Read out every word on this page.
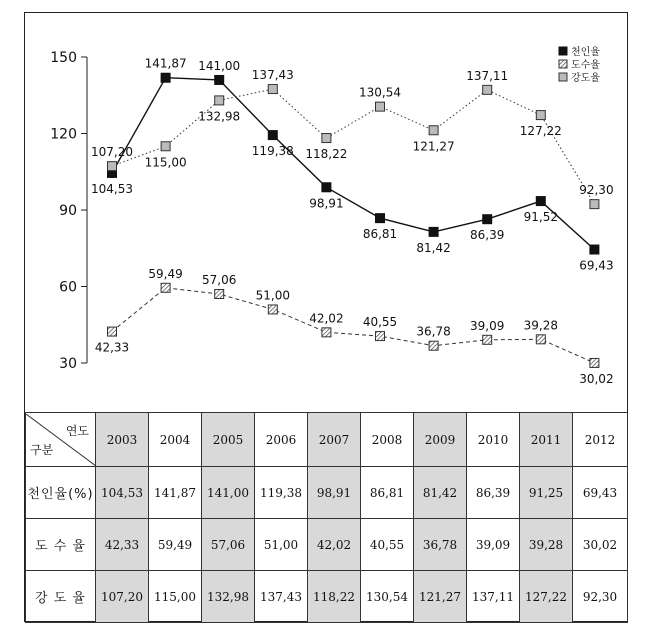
150
120
90
60
30
104,53
141,87 141,00
119,38
98,91
86,81
81,42
86,39
91,52
69,43
42,33
59,49 57,06
51,00
42,02 40,55
36,78 39,09 39,28
30,02
107,20
115,00
132,98
137,43
118,22
130,54
121,27
137,11
127,22
92,30
천인율
도수율
강도율
연도
구분	2003	2004	2005	2006	2007	2008	2009	2010	2011	2012
천인율(%)	104,53	141,87	141,00	119,38	98,91	86,81	81,42	86,39	91,25	69,43
도 수 율	42,33	59,49	57,06	51,00	42,02	40,55	36,78	39,09	39,28	30,02
강 도 율	107,20	115,00	132,98	137,43	118,22	130,54	121,27	137,11	127,22	92,30
